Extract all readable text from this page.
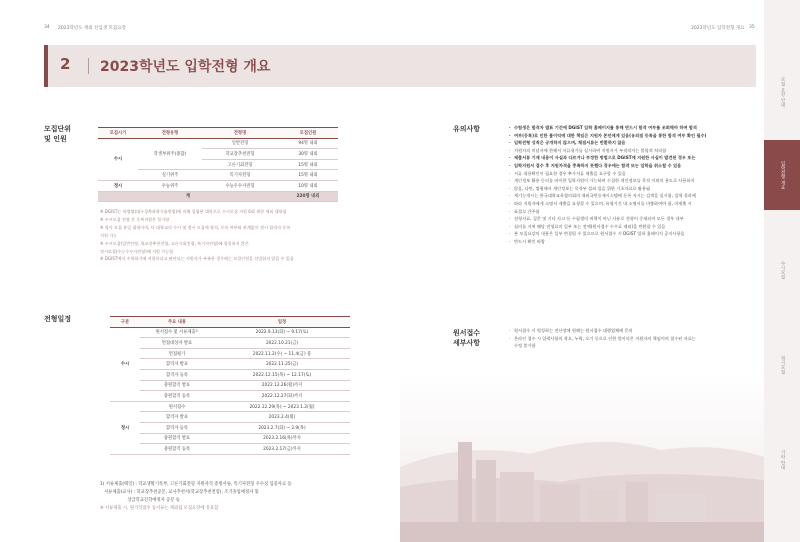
34 2023학년도 재외 신입생 모집요강	2023학년도 입학전형 개요 35
2 2023학년도 입학전형 개요
모집 요강 안내
입학전형 개요
수시모집
정시모집
기타 안내
모집단위
및 인원
모집시기	전형유형	전형명	모집인원
수시	학생부위주(종합)	일반전형	94명 내외
		학교장추천전형	30명 내외
		고른기회전형	15명 내외
	실기위주	특기자전형	15명 내외
정시	수능위주	수능우수자전형	10명 내외
계			220명 내외
※ DGIST는 특별법(대구경북과학기술원법)에 의해 설립된 대학으로 수시모집 지원 6회 제한 제외 대학임
※ 수시모집 전형 간 중복지원은 불가함
※ 정시 모집 유일 대학이며, 타 대학교의 수시 및 정시 모집에 합격, 등록 여부와 관계없이 정시 합격자 등록
지원 가능
※ 수시모집(일반전형, 학교장추천전형, 고른기회전형, 특기자전형)에 합불하지 않은
정시모집(수능우수자전형)에 지원 가능함
※ DGIST에서 수학하기에 적합하다고 판단되는 지원자가 부족한 경우에는 모집인원을 선발하지 않을 수 있음
유의사항	· 수험생은 합격자 발표 기간에 DGIST 입학 홈페이지를 통해 반드시 합격 여부를 조회해야 하며 합격
· 여부(등록)로 인한 불이익에 대한 책임은 지원자 본인에게 있음(유의점 등록을 통한 합격 여부 확인 필수)
· 입학전형 성적은 공개하지 않으며, 채점서류는 반환하지 않음
· 지원자격 미달자에 한해서 서류평가를 실시하여 지원자가 부적격자는 불합격 처리함
· 제출서류 기재 내용이 사실과 다르거나 부정한 방법으로 DGIST에 지원한 사실이 발견된 경우 또는
· 입학지원서 접수 후 지원자격을 충족하지 못했다 경우에는 합격 또는 입학을 취소할 수 있음
· 서류 내용확인이 필요한 경우 추가서류 제출을 요구할 수 있음
· 개인정보 활용 동의를 바이한 입학지원이 가능하며 수집한 개인정보를 목적 이외의 용도로 사용하지
· 않음, 다만, 법령에서 개인정보는 목적부 섬외 입을 위한 기초자료로 활용됨
· 재기능개시는 한국대학교육협의회의 재외국민등재시스템에 등록 지시는 검색을 실시함, 검색 결과에
· 따라 지원자에게 소명서 제출을 요청할 수 있으며, 유형기간 내 소명서를 미출하여야 함, 미제출 시
· 표절로 간주함
· 전형자료, 질문 및 기타 사고 등 수험생의 귀책이 아닌 사유로 전형이 중새되어 모든 경우 내부
· 심의를 거쳐 해당 전형료의 일부 또는 전액(원서접수 수수료 제외)을 반환할 수 있음
· 본 모집요강의 내용은 일부 변경될 수 있으므로 원서접수 시 DGIST 입학 홈페이지 공지사항을
· 반드시 확인 바람
전형일정	구분	주요 내용	일정
수시	원서접수 및 서류제출¹⁾	2022.9.13(화) ~ 9.17(토)
	면접대상자 발표	2022.10.21(금)
	면접평가	2022.11.2(수) ~ 11.4(금) 중
	합격자 발표	2022.11.25(금)
	합격자 등록	2022.12.15(목) ~ 12.17(토)
	충원합격 발표	2022.12.26(월)까지
	충원합격 등록	2022.12.27(화)까지
정시	원서접수	2022.12.29(목) ~ 2023.1.2(월)
	합격자 발표	2023.2.4(월)
	합격자 등록	2023.2.7(화) ~ 2.9(목)
	충원합격 발표	2023.2.16(목)까지
	충원합격 등록	2023.2.17(금)까지
1) 서류제출(택일) : 학교생활기록부, 고른기회전형 지원자격 증빙서류, 특기자전형 우수성 입증자료 등
서류제출(교사) : 학교장추천공문, 교사추천서(학교장추천전형), 조기졸업예정자 및
상급학교진학예정자 공문 등
※ 서류제출 시, 원거리접수 등서류는 제외됨 모집요강에 유효함
원서접수
세부사항
· 원서접수 시 원성하는 전산장에 원해는 원서접수 대행업체에 문의
· 온라인 접수 시 입력사항의 착오, 누락, 오기 등으로 인한 불이익은 지원자의 책임이며 접수된 자료는
수정 불가함
